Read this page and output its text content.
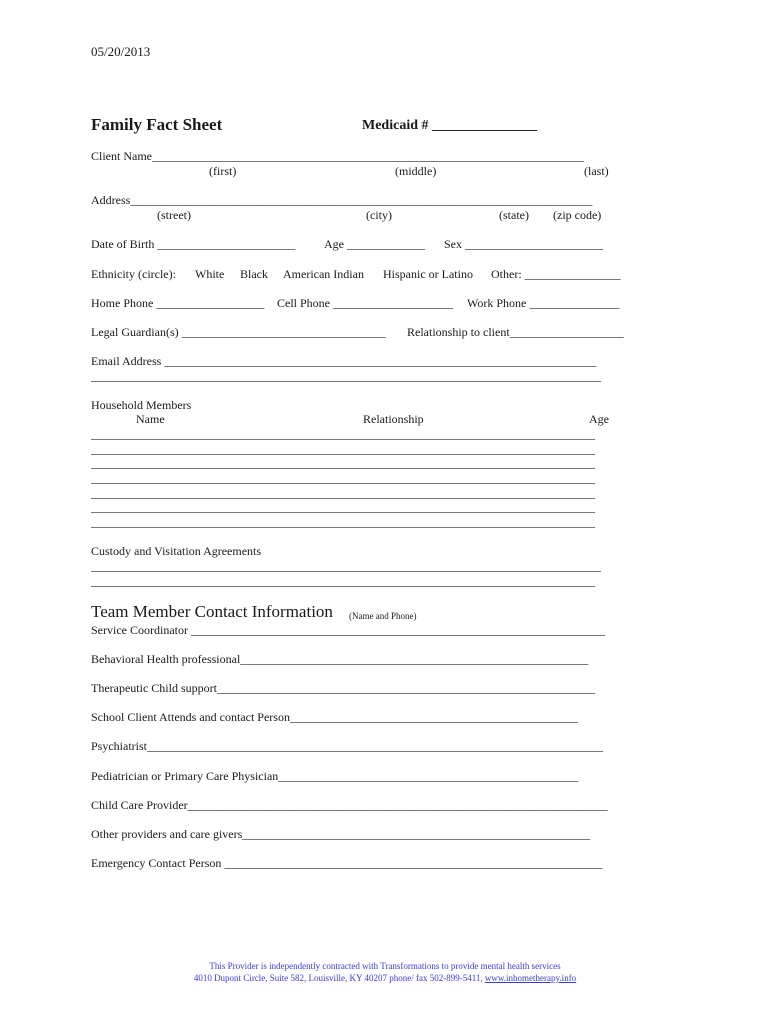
05/20/2013
Family Fact Sheet	Medicaid # _______________
Client Name________________________________________________________________________
(first)	(middle)	(last)
Address_____________________________________________________________________________
(street)	(city)	(state) (zip code)
Date of Birth _______________________ Age _____________ Sex _______________________
Ethnicity (circle): White Black American Indian Hispanic or Latino Other: ________________
Home Phone __________________ Cell Phone ____________________ Work Phone _______________
Legal Guardian(s) __________________________________ Relationship to client___________________
Email Address ________________________________________________________________________
_____________________________________________________________________________________
Household Members
Name	Relationship	Age
____________________________________________________________________________________
____________________________________________________________________________________
____________________________________________________________________________________
____________________________________________________________________________________
____________________________________________________________________________________
____________________________________________________________________________________
____________________________________________________________________________________
Custody and Visitation Agreements
_____________________________________________________________________________________
____________________________________________________________________________________
Team Member Contact Information (Name and Phone)
Service Coordinator _____________________________________________________________________
Behavioral Health professional__________________________________________________________
Therapeutic Child support_______________________________________________________________
School Client Attends and contact Person________________________________________________
Psychiatrist____________________________________________________________________________
Pediatrician or Primary Care Physician__________________________________________________
Child Care Provider______________________________________________________________________
Other providers and care givers__________________________________________________________
Emergency Contact Person _______________________________________________________________
This Provider is independently contracted with Transformations to provide mental health services
4010 Dupont Circle, Suite 582, Louisville, KY 40207 phone/ fax 502-899-5411, www.inhometherapy.info
